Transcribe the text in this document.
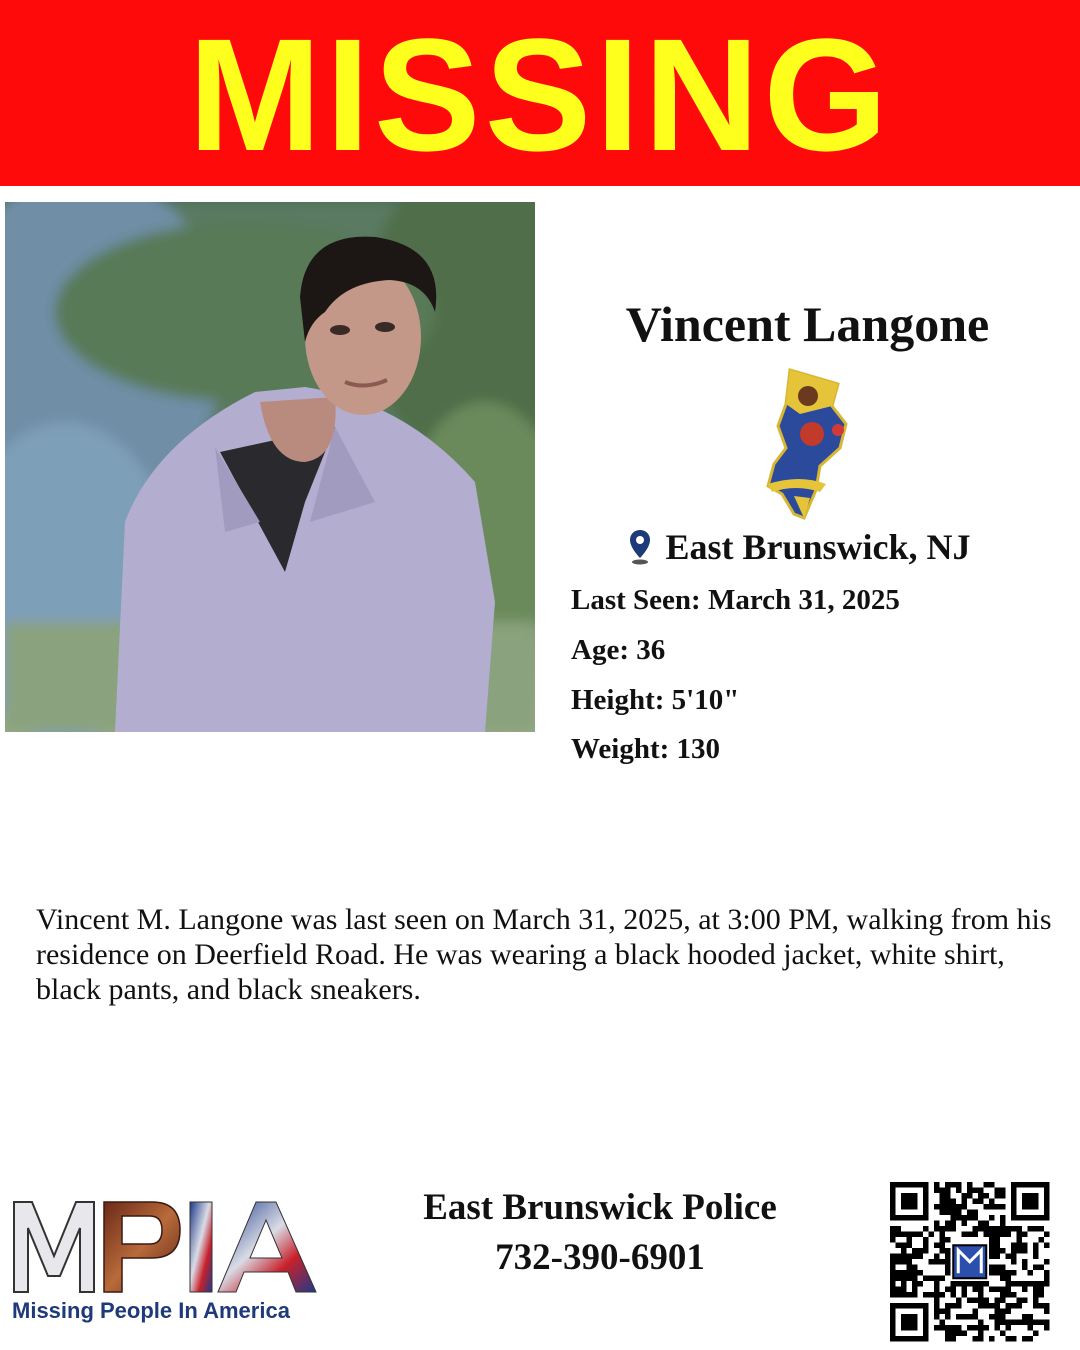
MISSING
Vincent Langone
East Brunswick, NJ
Last Seen: March 31, 2025
Age: 36
Height: 5'10"
Weight: 130
Vincent M. Langone was last seen on March 31, 2025, at 3:00 PM, walking from his residence on Deerfield Road. He was wearing a black hooded jacket, white shirt, black pants, and black sneakers.
Missing People In America
East Brunswick Police
732-390-6901
